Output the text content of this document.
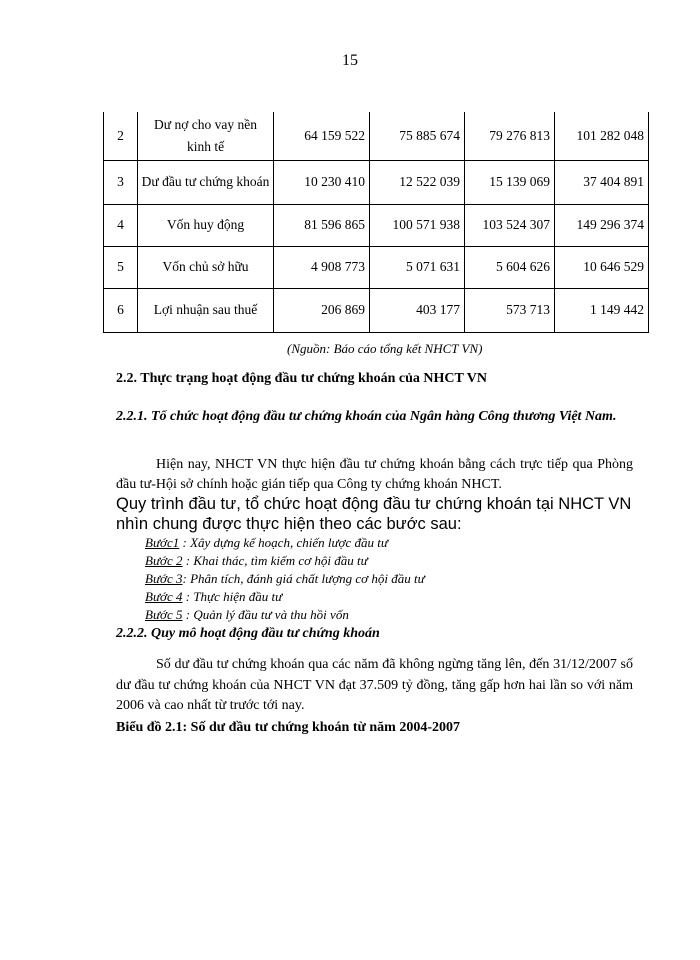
15
2	Dư nợ cho vay nền kinh tế	64 159 522	75 885 674	79 276 813	101 282 048
3	Dư đầu tư chứng khoán	10 230 410	12 522 039	15 139 069	37 404 891
4	Vốn huy động	81 596 865	100 571 938	103 524 307	149 296 374
5	Vốn chủ sở hữu	4 908 773	5 071 631	5 604 626	10 646 529
6	Lợi nhuận sau thuế	206 869	403 177	573 713	1 149 442
(Nguồn: Báo cáo tổng kết NHCT VN)
2.2. Thực trạng hoạt động đầu tư chứng khoán của NHCT VN
2.2.1. Tổ chức hoạt động đầu tư chứng khoán của Ngân hàng Công thương Việt Nam.
Hiện nay, NHCT VN thực hiện đầu tư chứng khoán bằng cách trực tiếp qua Phòng đầu tư-Hội sở chính hoặc gián tiếp qua Công ty chứng khoán NHCT.
Quy trình đầu tư, tổ chức hoạt động đầu tư chứng khoán tại NHCT VN nhìn chung được thực hiện theo các bước sau:
Bước1 : Xây dựng kế hoạch, chiến lược đầu tư
Bước 2 : Khai thác, tìm kiếm cơ hội đầu tư
Bước 3: Phân tích, đánh giá chất lượng cơ hội đầu tư
Bước 4 : Thực hiện đầu tư
Bước 5 : Quản lý đầu tư và thu hồi vốn
2.2.2. Quy mô hoạt động đầu tư chứng khoán
Số dư đầu tư chứng khoán qua các năm đã không ngừng tăng lên, đến 31/12/2007 số dư đầu tư chứng khoán của NHCT VN đạt 37.509 tỷ đồng, tăng gấp hơn hai lần so với năm 2006 và cao nhất từ trước tới nay.
Biểu đồ 2.1: Số dư đầu tư chứng khoán từ năm 2004-2007
